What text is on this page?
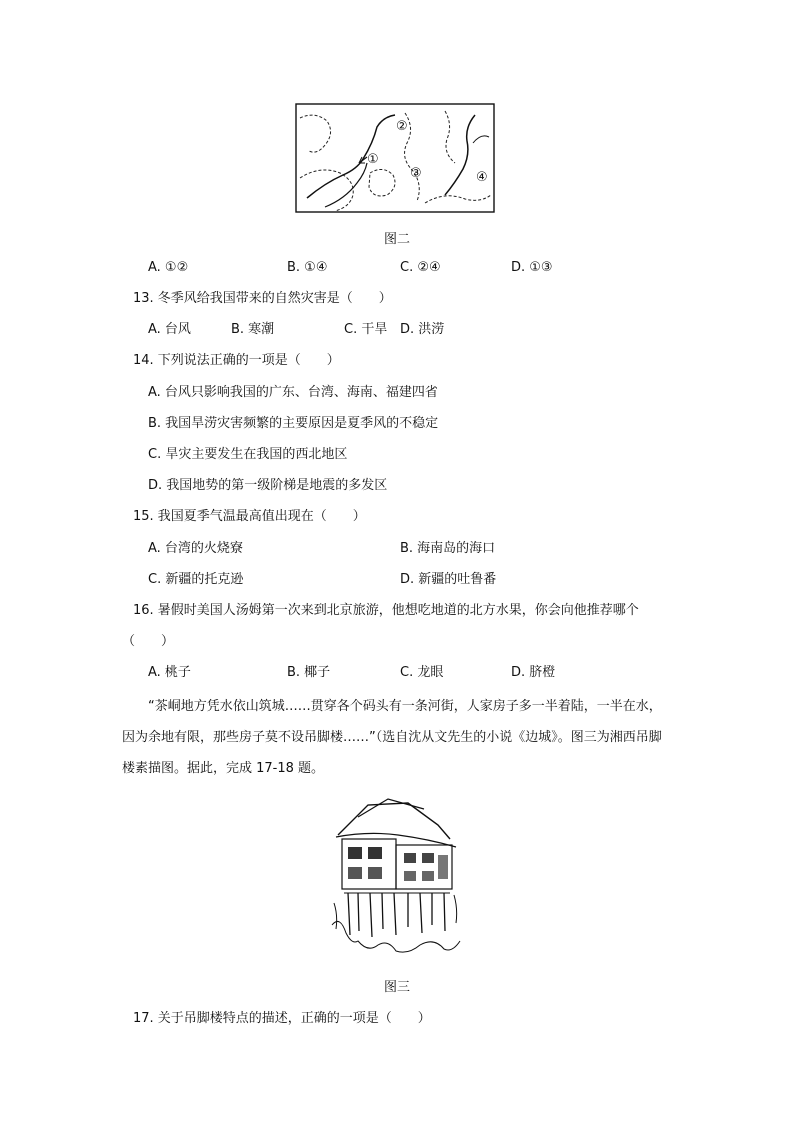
①
②
③	④
图二
A. ①②	B. ①④	C. ②④	D. ①③
13. 冬季风给我国带来的自然灾害是（　　）
A. 台风	B. 寒潮	C. 干旱 D. 洪涝
14. 下列说法正确的一项是（　　）
A. 台风只影响我国的广东、台湾、海南、福建四省
B. 我国旱涝灾害频繁的主要原因是夏季风的不稳定
C. 旱灾主要发生在我国的西北地区
D. 我国地势的第一级阶梯是地震的多发区
15. 我国夏季气温最高值出现在（　　）
A. 台湾的火烧寮	B. 海南岛的海口
C. 新疆的托克逊	D. 新疆的吐鲁番
16. 暑假时美国人汤姆第一次来到北京旅游，他想吃地道的北方水果，你会向他推荐哪个
（　　）
A. 桃子	B. 椰子	C. 龙眼	D. 脐橙
“茶峒地方凭水依山筑城……贯穿各个码头有一条河街，人家房子多一半着陆，一半在水，因为余地有限，那些房子莫不设吊脚楼……”（选自沈从文先生的小说《边城》。图三为湘西吊脚楼素描图。据此，完成 17-18 题。
图三
17. 关于吊脚楼特点的描述，正确的一项是（　　）
